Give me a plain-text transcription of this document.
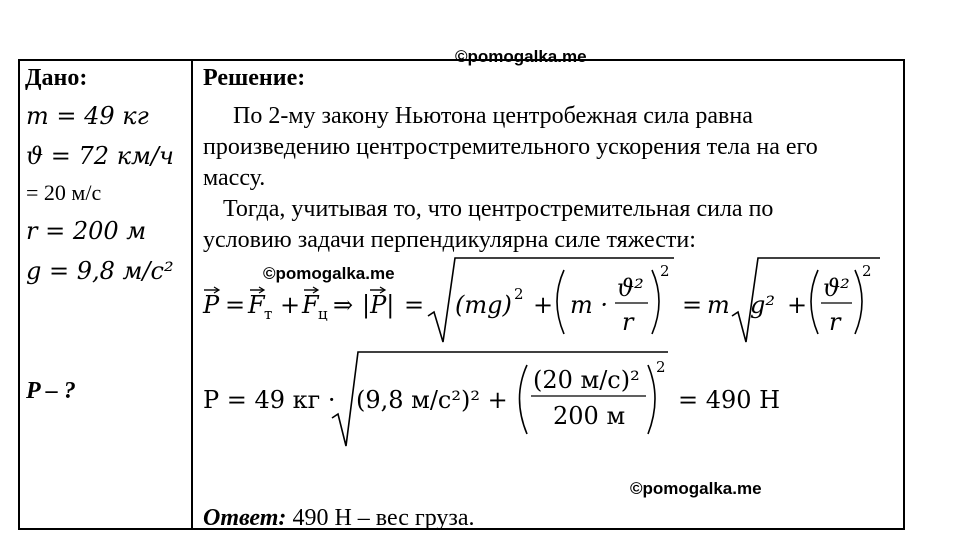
©pomogalka.me
©pomogalka.me
©pomogalka.me
Дано:
m = 49 кг
ϑ = 72 км/ч
= 20 м/с
r = 200 м
g = 9,8 м/с²
P – ?
Решение:
По 2-му закону Ньютона центробежная сила равна
произведению центростремительного ускорения тела на его
массу.
Тогда, учитывая то, что центростремительная сила по
условию задачи перпендикулярна силе тяжести:
P = F т + F ц ⇒ |P| = (mg) 2 + m ·
ϑ²
r
2
= m g² +
ϑ²
r
2
P = 49 кг · (9,8 м/с²)² +
(20 м/с)²
200 м
2
= 490 Н
Ответ: 490 Н – вес груза.
